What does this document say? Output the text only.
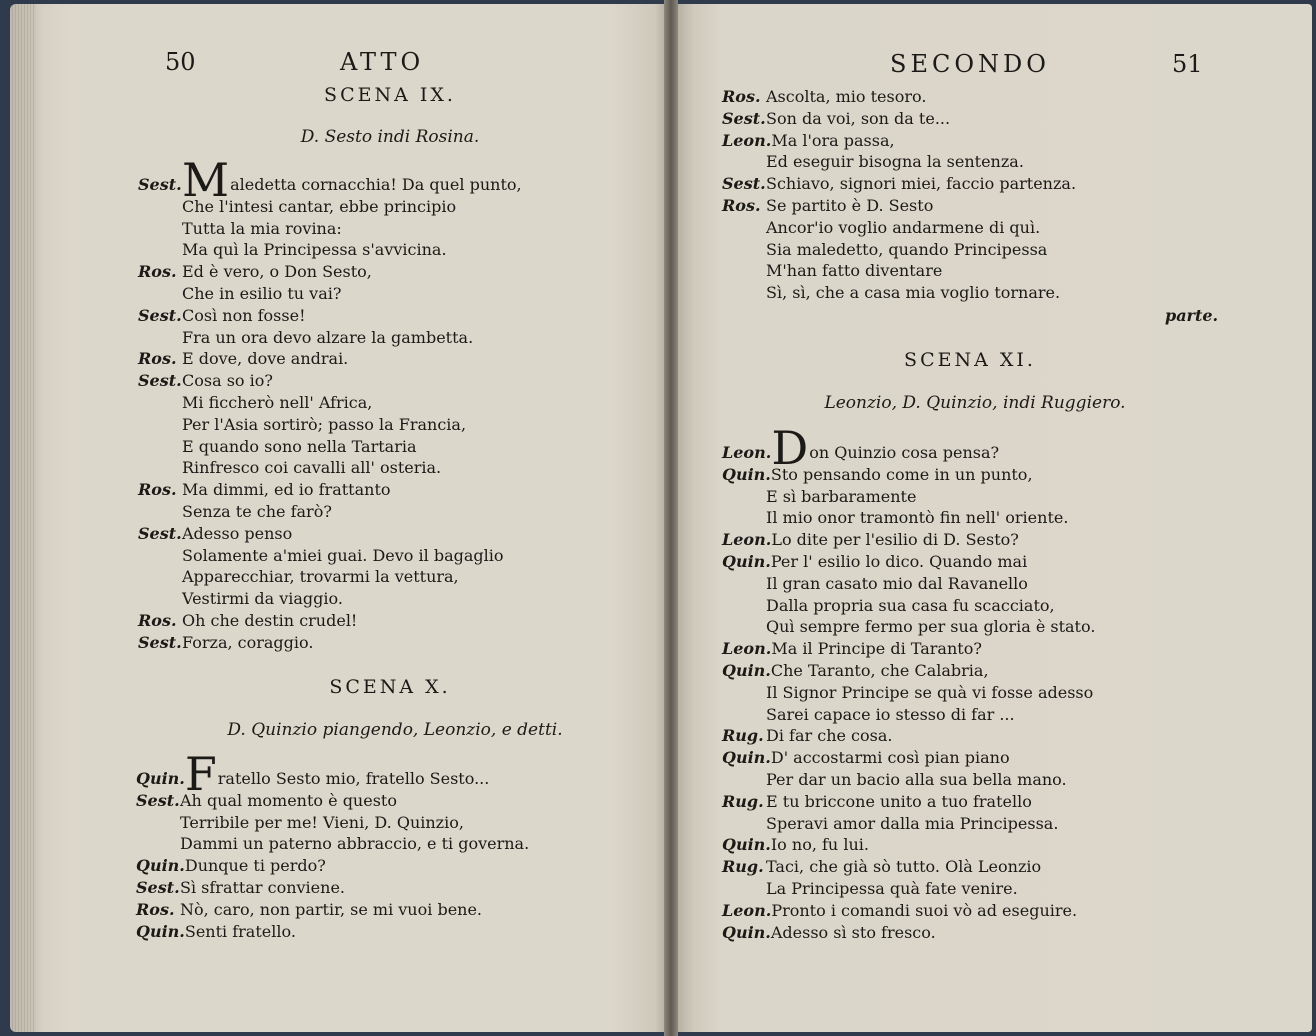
50	ATTO
SCENA IX.
D. Sesto indi Rosina.
Sest.Maledetta cornacchia! Da quel punto,
Che l'intesi cantar, ebbe principio
Tutta la mia rovina:
Ma quì la Principessa s'avvicina.
Ros. Ed è vero, o Don Sesto,
Che in esilio tu vai?
Sest.Così non fosse!
Fra un ora devo alzare la gambetta.
Ros. E dove, dove andrai.
Sest.Cosa so io?
Mi ficcherò nell' Africa,
Per l'Asia sortirò; passo la Francia,
E quando sono nella Tartaria
Rinfresco coi cavalli all' osteria.
Ros. Ma dimmi, ed io frattanto
Senza te che farò?
Sest.Adesso penso
Solamente a'miei guai. Devo il bagaglio
Apparecchiar, trovarmi la vettura,
Vestirmi da viaggio.
Ros. Oh che destin crudel!
Sest.Forza, coraggio.
SCENA X.
D. Quinzio piangendo, Leonzio, e detti.
Quin.Fratello Sesto mio, fratello Sesto...
Sest.Ah qual momento è questo
Terribile per me! Vieni, D. Quinzio,
Dammi un paterno abbraccio, e ti governa.
Quin.Dunque ti perdo?
Sest.Sì sfrattar conviene.
Ros. Nò, caro, non partir, se mi vuoi bene.
Quin.Senti fratello.
SECONDO	51
Ros. Ascolta, mio tesoro.
Sest.Son da voi, son da te...
Leon.Ma l'ora passa,
Ed eseguir bisogna la sentenza.
Sest.Schiavo, signori miei, faccio partenza.
Ros. Se partito è D. Sesto
Ancor'io voglio andarmene di quì.
Sia maledetto, quando Principessa
M'han fatto diventare
Sì, sì, che a casa mia voglio tornare.
parte.
SCENA XI.
Leonzio, D. Quinzio, indi Ruggiero.
Leon.Don Quinzio cosa pensa?
Quin.Sto pensando come in un punto,
E sì barbaramente
Il mio onor tramontò fin nell' oriente.
Leon.Lo dite per l'esilio di D. Sesto?
Quin.Per l' esilio lo dico. Quando mai
Il gran casato mio dal Ravanello
Dalla propria sua casa fu scacciato,
Quì sempre fermo per sua gloria è stato.
Leon.Ma il Principe di Taranto?
Quin.Che Taranto, che Calabria,
Il Signor Principe se quà vi fosse adesso
Sarei capace io stesso di far ...
Rug. Di far che cosa.
Quin.D' accostarmi così pian piano
Per dar un bacio alla sua bella mano.
Rug. E tu briccone unito a tuo fratello
Speravi amor dalla mia Principessa.
Quin.Io no, fu lui.
Rug. Taci, che già sò tutto. Olà Leonzio
La Principessa quà fate venire.
Leon.Pronto i comandi suoi vò ad eseguire.
Quin.Adesso sì sto fresco.
